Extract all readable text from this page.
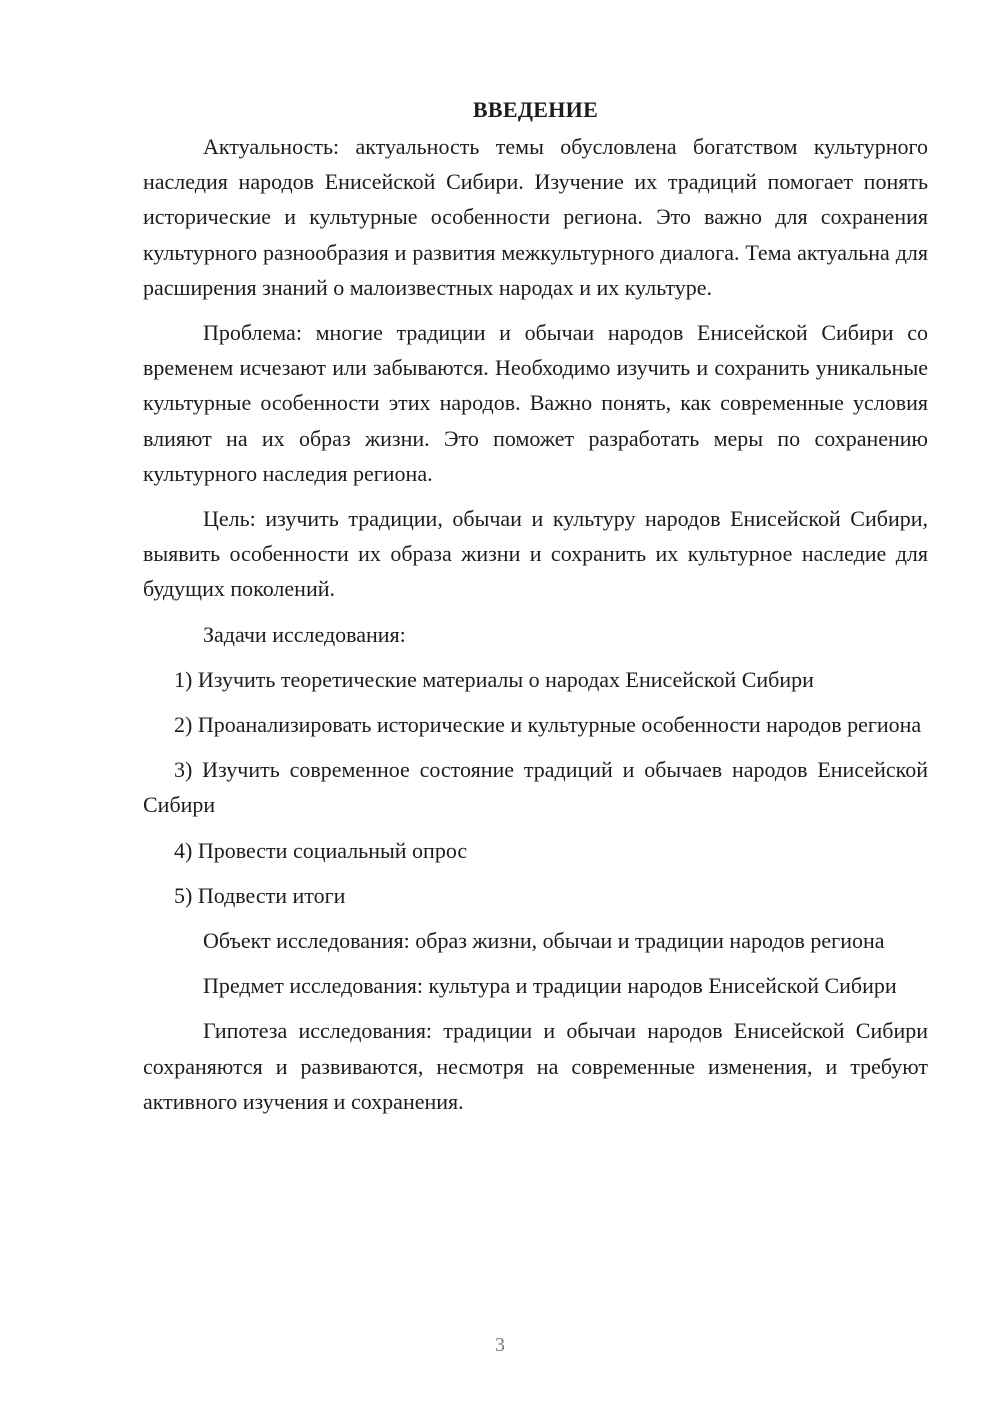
ВВЕДЕНИЕ

Актуальность: актуальность темы обусловлена богатством культурного наследия народов Енисейской Сибири. Изучение их традиций помогает понять исторические и культурные особенности региона. Это важно для сохранения культурного разнообразия и развития межкультурного диалога. Тема актуальна для расширения знаний о малоизвестных народах и их культуре.

Проблема: многие традиции и обычаи народов Енисейской Сибири со временем исчезают или забываются. Необходимо изучить и сохранить уникальные культурные особенности этих народов. Важно понять, как современные условия влияют на их образ жизни. Это поможет разработать меры по сохранению культурного наследия региона.

Цель: изучить традиции, обычаи и культуру народов Енисейской Сибири, выявить особенности их образа жизни и сохранить их культурное наследие для будущих поколений.

Задачи исследования:

1) Изучить теоретические материалы о народах Енисейской Сибири

2) Проанализировать исторические и культурные особенности народов региона

3) Изучить современное состояние традиций и обычаев народов Енисейской Сибири

4) Провести социальный опрос

5) Подвести итоги

Объект исследования: образ жизни, обычаи и традиции народов региона

Предмет исследования: культура и традиции народов Енисейской Сибири

Гипотеза исследования: традиции и обычаи народов Енисейской Сибири сохраняются и развиваются, несмотря на современные изменения, и требуют активного изучения и сохранения.

3
